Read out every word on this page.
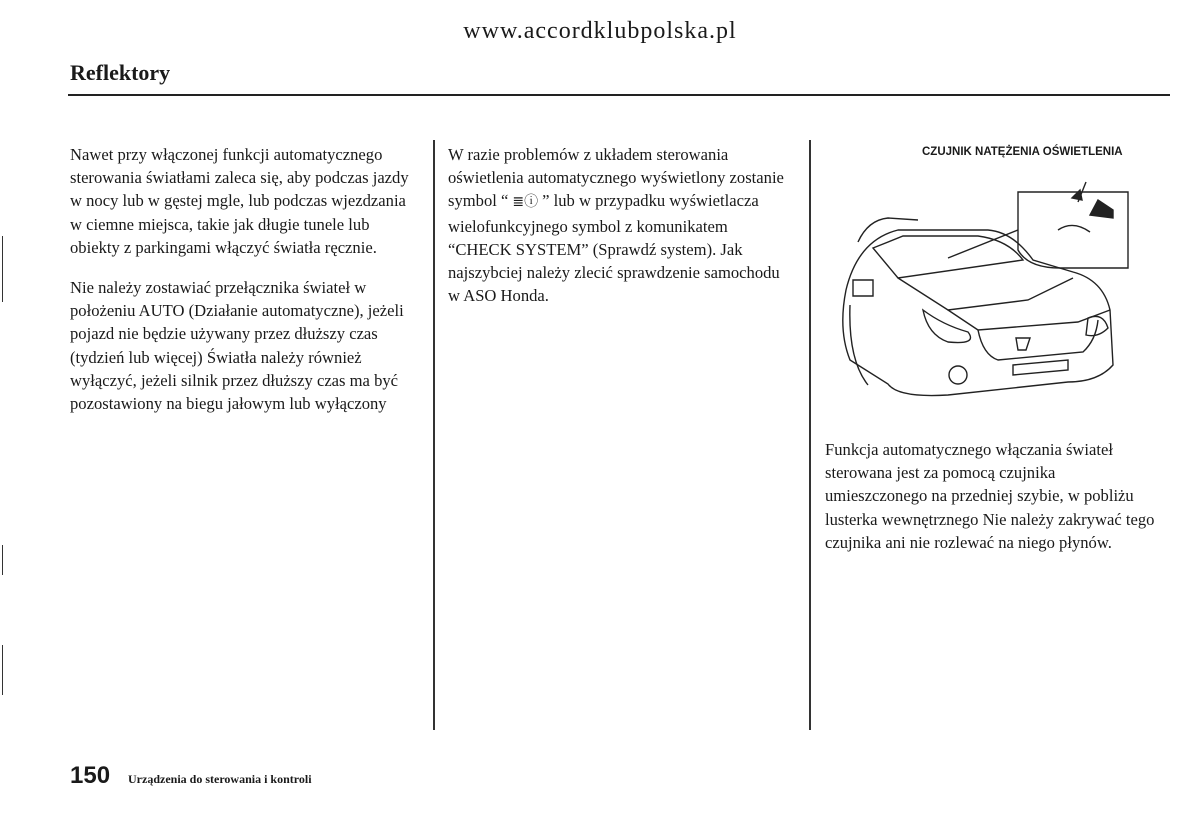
www.accordklubpolska.pl
Reflektory

Nawet przy włączonej funkcji automatycznego sterowania światłami zaleca się, aby podczas jazdy w nocy lub w gęstej mgle, lub podczas wjezdzania w ciemne miejsca, takie jak długie tunele lub obiekty z parkingami włączyć światła ręcznie.

Nie należy zostawiać przełącznika świateł w położeniu AUTO (Działanie automatyczne), jeżeli pojazd nie będzie używany przez dłuższy czas (tydzień lub więcej) Światła należy również wyłączyć, jeżeli silnik przez dłuższy czas ma być pozostawiony na biegu jałowym lub wyłączony

W razie problemów z układem sterowania oświetlenia automatycznego wyświetlony zostanie symbol “ ≣ⓘ ” lub w przypadku wyświetlacza wielofunkcyjnego symbol z komunikatem “CHECK SYSTEM” (Sprawdź system). Jak najszybciej należy zlecić sprawdzenie samochodu w ASO Honda.

CZUJNIK NATĘŻENIA OŚWIETLENIA

Funkcja automatycznego włączania świateł sterowana jest za pomocą czujnika umieszczonego na przedniej szybie, w pobliżu lusterka wewnętrznego Nie należy zakrywać tego czujnika ani nie rozlewać na niego płynów.

150 Urządzenia do sterowania i kontroli
